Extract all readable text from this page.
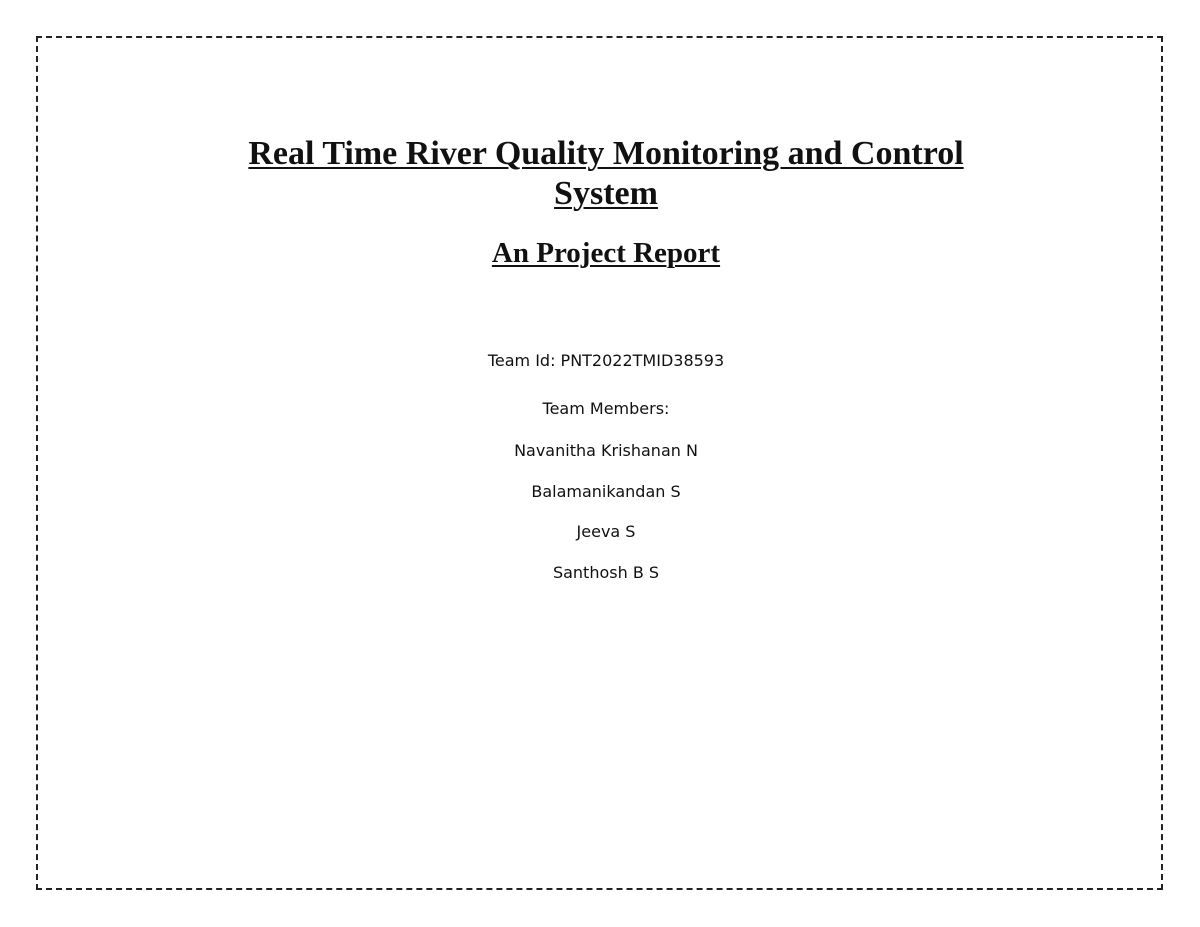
Real Time River Quality Monitoring and Control
System
An Project Report

Team Id: PNT2022TMID38593

Team Members:

Navanitha Krishanan N

Balamanikandan S

Jeeva S

Santhosh B S
